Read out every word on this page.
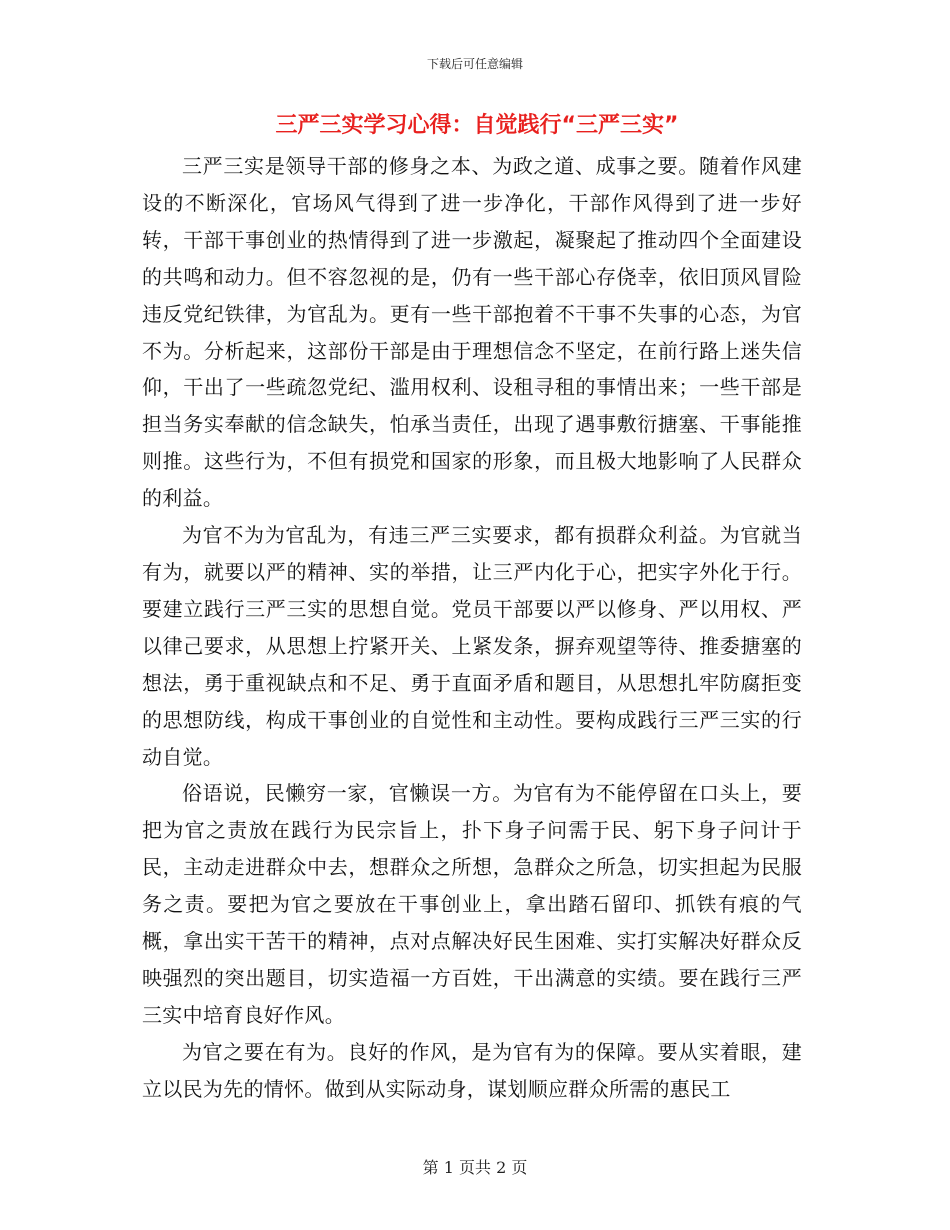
下载后可任意编辑
三严三实学习心得：自觉践行“三严三实”

三严三实是领导干部的修身之本、为政之道、成事之要。随着作风建设的不断深化，官场风气得到了进一步净化，干部作风得到了进一步好转，干部干事创业的热情得到了进一步激起，凝聚起了推动四个全面建设的共鸣和动力。但不容忽视的是，仍有一些干部心存侥幸，依旧顶风冒险违反党纪铁律，为官乱为。更有一些干部抱着不干事不失事的心态，为官不为。分析起来，这部份干部是由于理想信念不坚定，在前行路上迷失信仰，干出了一些疏忽党纪、滥用权利、设租寻租的事情出来；一些干部是担当务实奉献的信念缺失，怕承当责任，出现了遇事敷衍搪塞、干事能推则推。这些行为，不但有损党和国家的形象，而且极大地影响了人民群众的利益。

为官不为为官乱为，有违三严三实要求，都有损群众利益。为官就当有为，就要以严的精神、实的举措，让三严内化于心，把实字外化于行。要建立践行三严三实的思想自觉。党员干部要以严以修身、严以用权、严以律己要求，从思想上拧紧开关、上紧发条，摒弃观望等待、推委搪塞的想法，勇于重视缺点和不足、勇于直面矛盾和题目，从思想扎牢防腐拒变的思想防线，构成干事创业的自觉性和主动性。要构成践行三严三实的行动自觉。

俗语说，民懒穷一家，官懒误一方。为官有为不能停留在口头上，要把为官之责放在践行为民宗旨上，扑下身子问需于民、躬下身子问计于民，主动走进群众中去，想群众之所想，急群众之所急，切实担起为民服务之责。要把为官之要放在干事创业上，拿出踏石留印、抓铁有痕的气概，拿出实干苦干的精神，点对点解决好民生困难、实打实解决好群众反映强烈的突出题目，切实造福一方百姓，干出满意的实绩。要在践行三严三实中培育良好作风。

为官之要在有为。良好的作风，是为官有为的保障。要从实着眼，建立以民为先的情怀。做到从实际动身，谋划顺应群众所需的惠民工

第 1 页共 2 页
